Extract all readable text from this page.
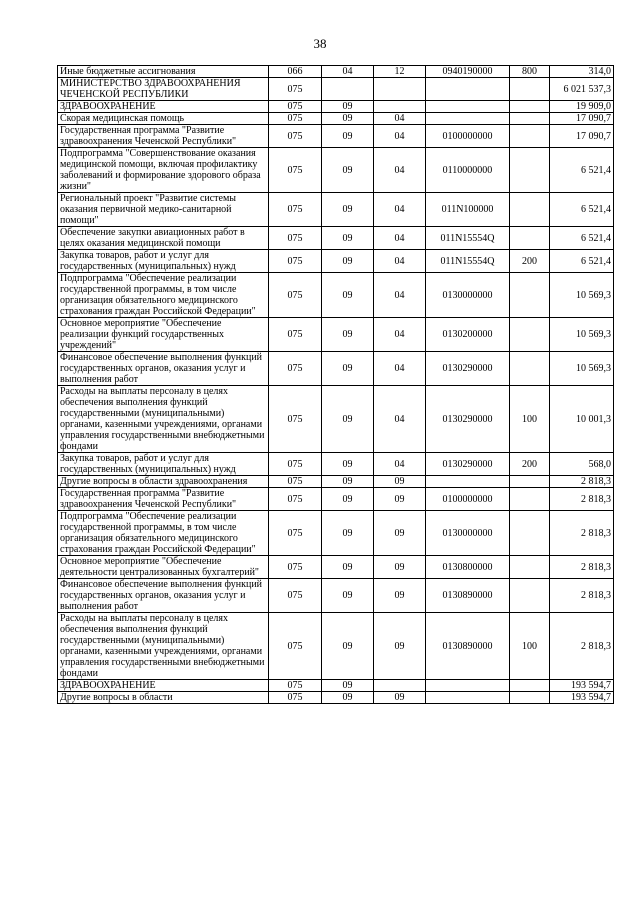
38
Иные бюджетные ассигнования	066	04	12	0940190000	800	314,0
МИНИСТЕРСТВО ЗДРАВООХРАНЕНИЯ ЧЕЧЕНСКОЙ РЕСПУБЛИКИ	075					6 021 537,3
ЗДРАВООХРАНЕНИЕ	075	09				19 909,0
Скорая медицинская помощь	075	09	04			17 090,7
Государственная программа "Развитие здравоохранения Чеченской Республики"	075	09	04	0100000000		17 090,7
Подпрограмма "Совершенствование оказания медицинской помощи, включая профилактику заболеваний и формирование здорового образа жизни"	075	09	04	0110000000		6 521,4
Региональный проект "Развитие системы оказания первичной медико-санитарной помощи"	075	09	04	011N100000		6 521,4
Обеспечение закупки авиационных работ в целях оказания медицинской помощи	075	09	04	011N15554Q		6 521,4
Закупка товаров, работ и услуг для государственных (муниципальных) нужд	075	09	04	011N15554Q	200	6 521,4
Подпрограмма "Обеспечение реализации государственной программы, в том числе организация обязательного медицинского страхования граждан Российской Федерации"	075	09	04	0130000000		10 569,3
Основное мероприятие "Обеспечение реализации функций государственных учреждений"	075	09	04	0130200000		10 569,3
Финансовое обеспечение выполнения функций государственных органов, оказания услуг и выполнения работ	075	09	04	0130290000		10 569,3
Расходы на выплаты персоналу в целях обеспечения выполнения функций государственными (муниципальными) органами, казенными учреждениями, органами управления государственными внебюджетными фондами	075	09	04	0130290000	100	10 001,3
Закупка товаров, работ и услуг для государственных (муниципальных) нужд	075	09	04	0130290000	200	568,0
Другие вопросы в области здравоохранения	075	09	09			2 818,3
Государственная программа "Развитие здравоохранения Чеченской Республики"	075	09	09	0100000000		2 818,3
Подпрограмма "Обеспечение реализации государственной программы, в том числе организация обязательного медицинского страхования граждан Российской Федерации"	075	09	09	0130000000		2 818,3
Основное мероприятие "Обеспечение деятельности централизованных бухгалтерий"	075	09	09	0130800000		2 818,3
Финансовое обеспечение выполнения функций государственных органов, оказания услуг и выполнения работ	075	09	09	0130890000		2 818,3
Расходы на выплаты персоналу в целях обеспечения выполнения функций государственными (муниципальными) органами, казенными учреждениями, органами управления государственными внебюджетными фондами	075	09	09	0130890000	100	2 818,3
ЗДРАВООХРАНЕНИЕ	075	09				193 594,7
Другие вопросы в области	075	09	09			193 594,7
